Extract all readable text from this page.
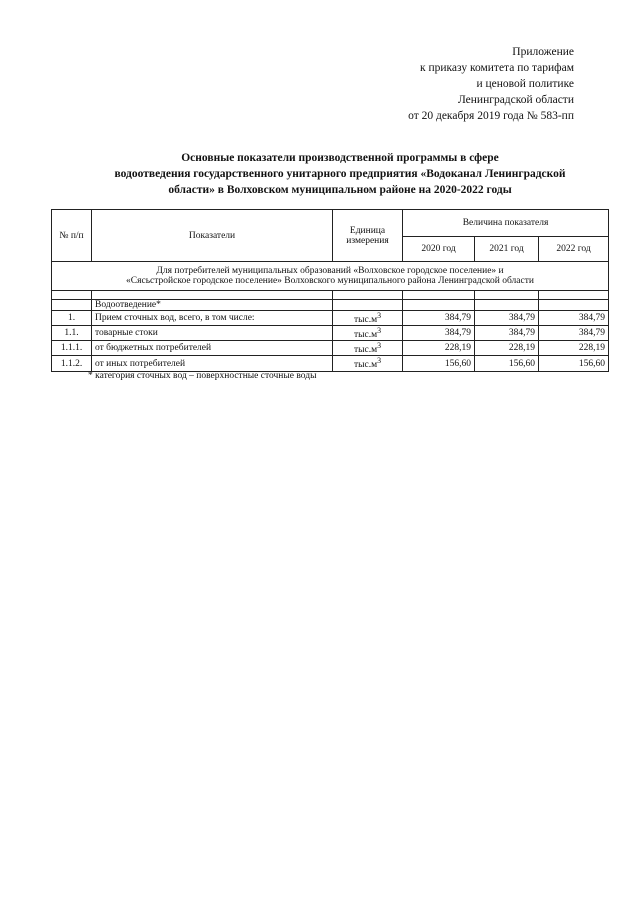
Приложение
к приказу комитета по тарифам
и ценовой политике
Ленинградской области
от 20 декабря 2019 года № 583-пп
Основные показатели производственной программы в сфере
водоотведения государственного унитарного предприятия «Водоканал Ленинградской
области» в Волховском муниципальном районе на 2020-2022 годы
№ п/п	Показатели	Единица измерения	Величина показателя		
			2020 год	2021 год	2022 год

Для потребителей муниципальных образований «Волховское городское поселение» и
«Сясьстройское городское поселение» Волховского муниципального района Ленинградской области					

	Водоотведение*				
1.	Прием сточных вод, всего, в том числе:	$тыс.м^3$	384,79	384,79	384,79
1.1.	товарные стоки	$тыс.м^3$	384,79	384,79	384,79
1.1.1.	от бюджетных потребителей	$тыс.м^3$	228,19	228,19	228,19
1.1.2.	от иных потребителей	$тыс.м^3$	156,60	156,60	156,60
* категория сточных вод – поверхностные сточные воды
